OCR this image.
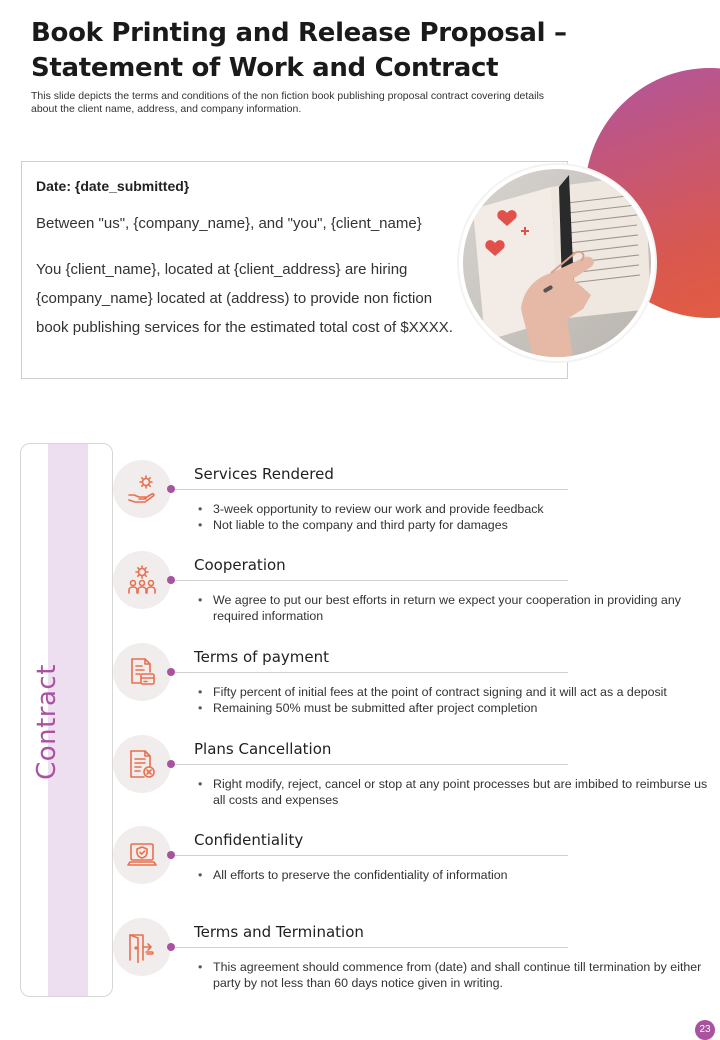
Book Printing and Release Proposal – Statement of Work and Contract
This slide depicts the terms and conditions of the non fiction book publishing proposal contract covering details about the client name, address, and company information.
Date: {date_submitted}
Between "us", {company_name}, and "you", {client_name}
You {client_name}, located at {client_address} are hiring {company_name} located at (address) to provide non fiction book publishing services for the estimated total cost of $XXXX.
Contract
Services Rendered
• 3-week opportunity to review our work and provide feedback
• Not liable to the company and third party for damages
Cooperation
• We agree to put our best efforts in return we expect your cooperation in providing any required information
Terms of payment
• Fifty percent of initial fees at the point of contract signing and it will act as a deposit
• Remaining 50% must be submitted after project completion
Plans Cancellation
• Right modify, reject, cancel or stop at any point processes but are imbibed to reimburse us all costs and expenses
Confidentiality
• All efforts to preserve the confidentiality of information
Terms and Termination
• This agreement should commence from (date) and shall continue till termination by either party by not less than 60 days notice given in writing.
23
